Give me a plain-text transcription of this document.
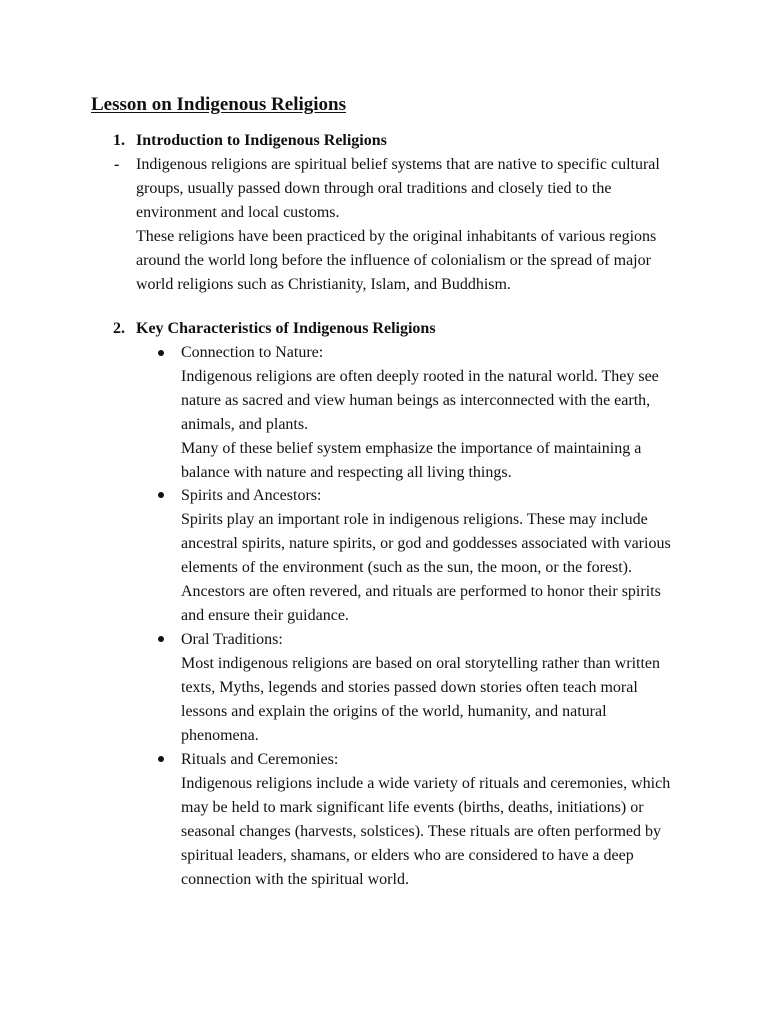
Lesson on Indigenous Religions
1. Introduction to Indigenous Religions
- Indigenous religions are spiritual belief systems that are native to specific cultural groups, usually passed down through oral traditions and closely tied to the environment and local customs.

These religions have been practiced by the original inhabitants of various regions around the world long before the influence of colonialism or the spread of major world religions such as Christianity, Islam, and Buddhism.

2. Key Characteristics of Indigenous Religions
Connection to Nature:

Indigenous religions are often deeply rooted in the natural world. They see nature as sacred and view human beings as interconnected with the earth, animals, and plants.

Many of these belief system emphasize the importance of maintaining a balance with nature and respecting all living things.

Spirits and Ancestors:

Spirits play an important role in indigenous religions. These may include ancestral spirits, nature spirits, or god and goddesses associated with various elements of the environment (such as the sun, the moon, or the forest). Ancestors are often revered, and rituals are performed to honor their spirits and ensure their guidance.

Oral Traditions:

Most indigenous religions are based on oral storytelling rather than written texts, Myths, legends and stories passed down stories often teach moral lessons and explain the origins of the world, humanity, and natural phenomena.

Rituals and Ceremonies:

Indigenous religions include a wide variety of rituals and ceremonies, which may be held to mark significant life events (births, deaths, initiations) or seasonal changes (harvests, solstices). These rituals are often performed by spiritual leaders, shamans, or elders who are considered to have a deep connection with the spiritual world.
